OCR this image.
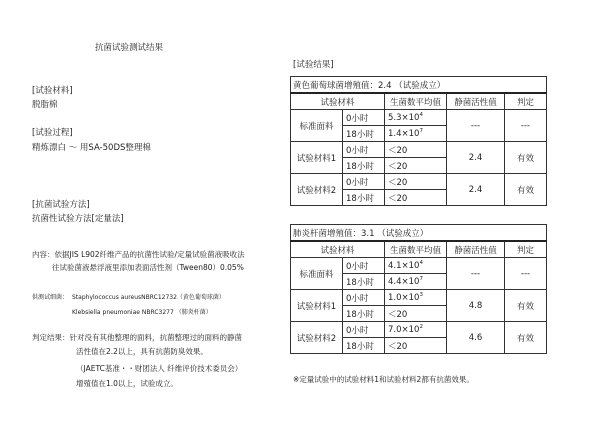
抗菌试验测试结果
[试验材料]
脱脂棉
[试验过程]
精炼漂白 ～ 用SA-50DS整理棉
[抗菌试验方法]
抗菌性试验方法[定量法]
内容：依据JIS L902纤维产品的抗菌性试验/定量试验菌液吸收法
往试验菌液悬浮液里添加表面活性剂（Tween80）0.05%
供测试细菌： Staphylococcus aureusNBRC12732（黄色葡萄球菌）
Klebsiella pneumoniae NBRC3277 （肺炎杆菌）
判定结果：针对没有其他整理的面料，抗菌整理过的面料的静菌
活性值在2.2以上，具有抗菌防臭效果。
（JAETC基准・・财团法人 纤维评价技术委员会）
增殖值在1.0以上，试验成立。
[试验结果]
黄色葡萄球菌增殖值：2.4 （试验成立）				
试验材料		生菌数平均值	静菌活性值	判定
标准面料	0小时	$5.3\times 10^4$	---	---
	18小时	$1.4\times 10^7$
试验材料1	0小时	＜20	2.4	有效
	18小时	＜20		
试验材料2	0小时	＜20	2.4	有效
	18小时	＜20		
肺炎杆菌增殖值：3.1 （试验成立）				
试验材料		生菌数平均值	静菌活性值	判定
标准面料	0小时	$4.1\times 10^4$	---	---
	18小时	$4.4\times 10^7$
试验材料1	0小时	$1.0\times 10^3$	4.8	有效
	18小时	＜20		
试验材料2	0小时	$7.0\times 10^2$	4.6	有效
	18小时	＜20		
※定量试验中的试验材料1和试验材料2都有抗菌效果。
